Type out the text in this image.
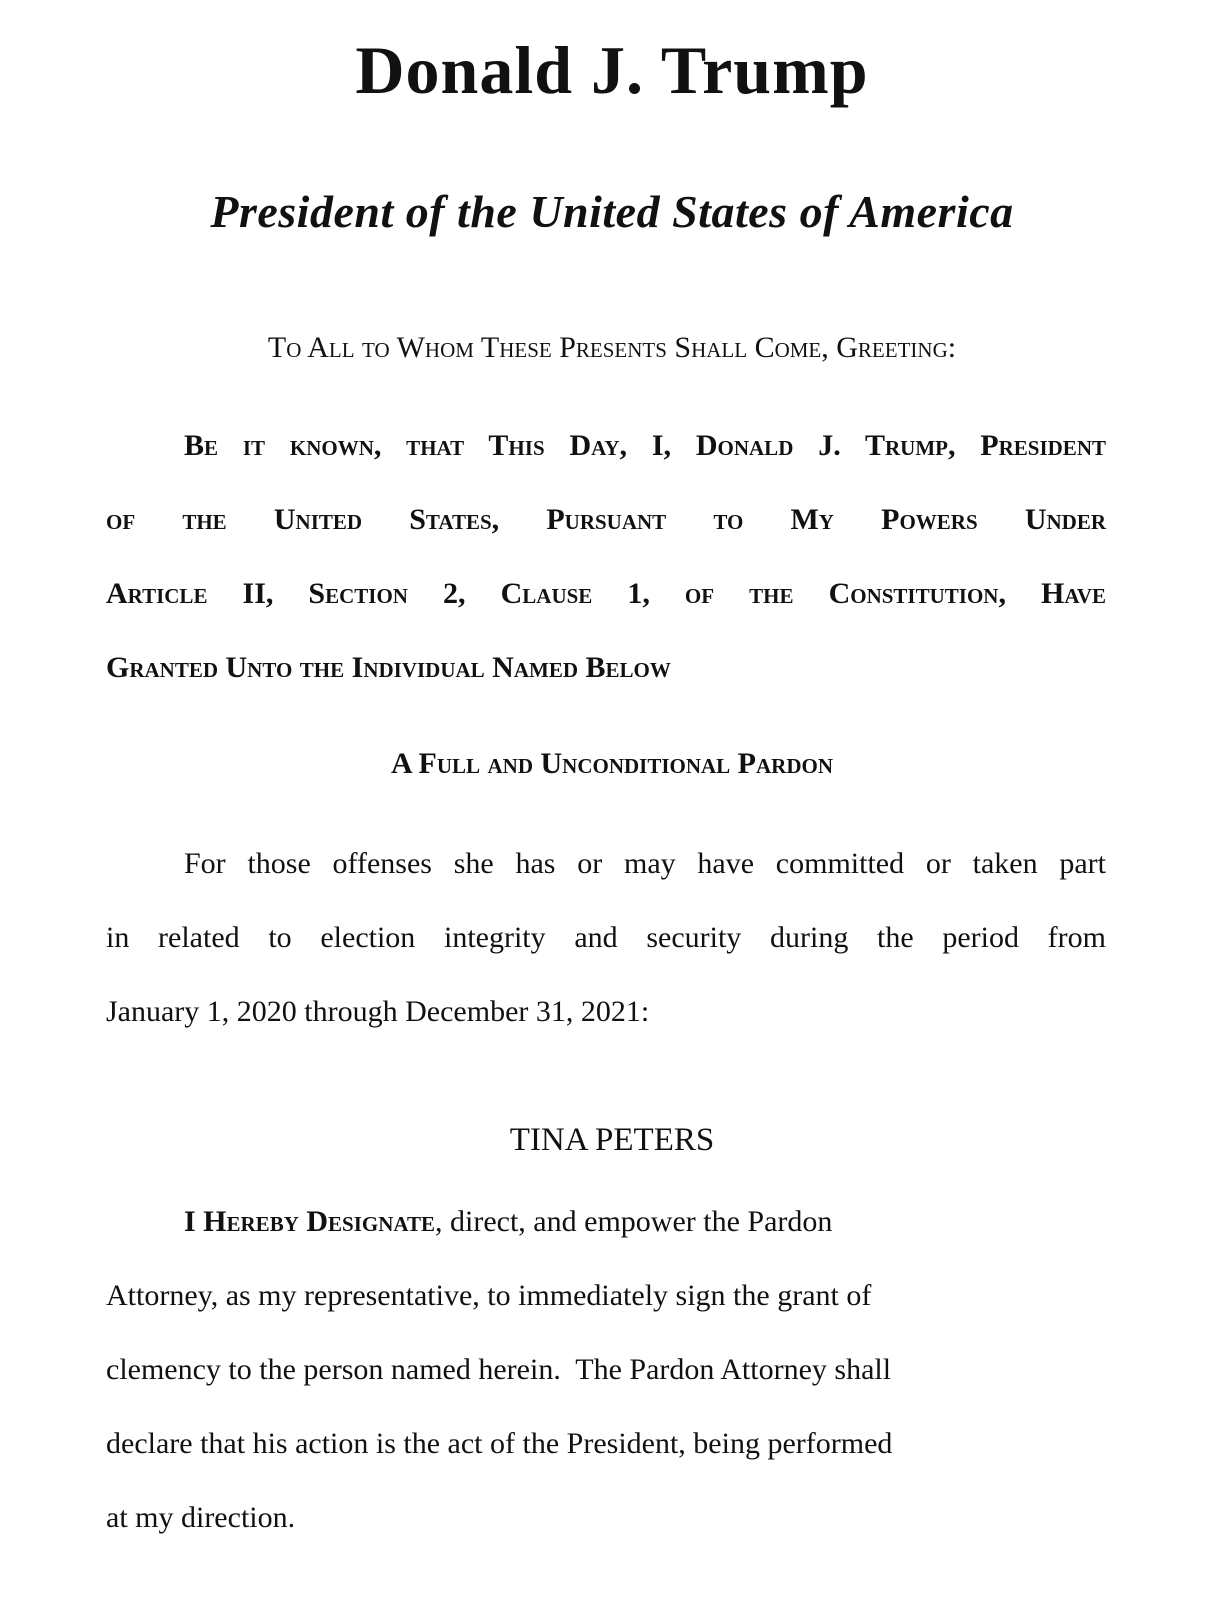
Donald J. Trump
President of the United States of America

To All to Whom These Presents Shall Come, Greeting:

Be it known, that This Day, I, Donald J. Trump, President
of the United States, Pursuant to My Powers Under
Article II, Section 2, Clause 1, of the Constitution, Have
Granted Unto the Individual Named Below

A Full and Unconditional Pardon

For those offenses she has or may have committed or taken part
in related to election integrity and security during the period from
January 1, 2020 through December 31, 2021:

TINA PETERS

I Hereby Designate, direct, and empower the Pardon
Attorney, as my representative, to immediately sign the grant of
clemency to the person named herein.  The Pardon Attorney shall
declare that his action is the act of the President, being performed
at my direction.
